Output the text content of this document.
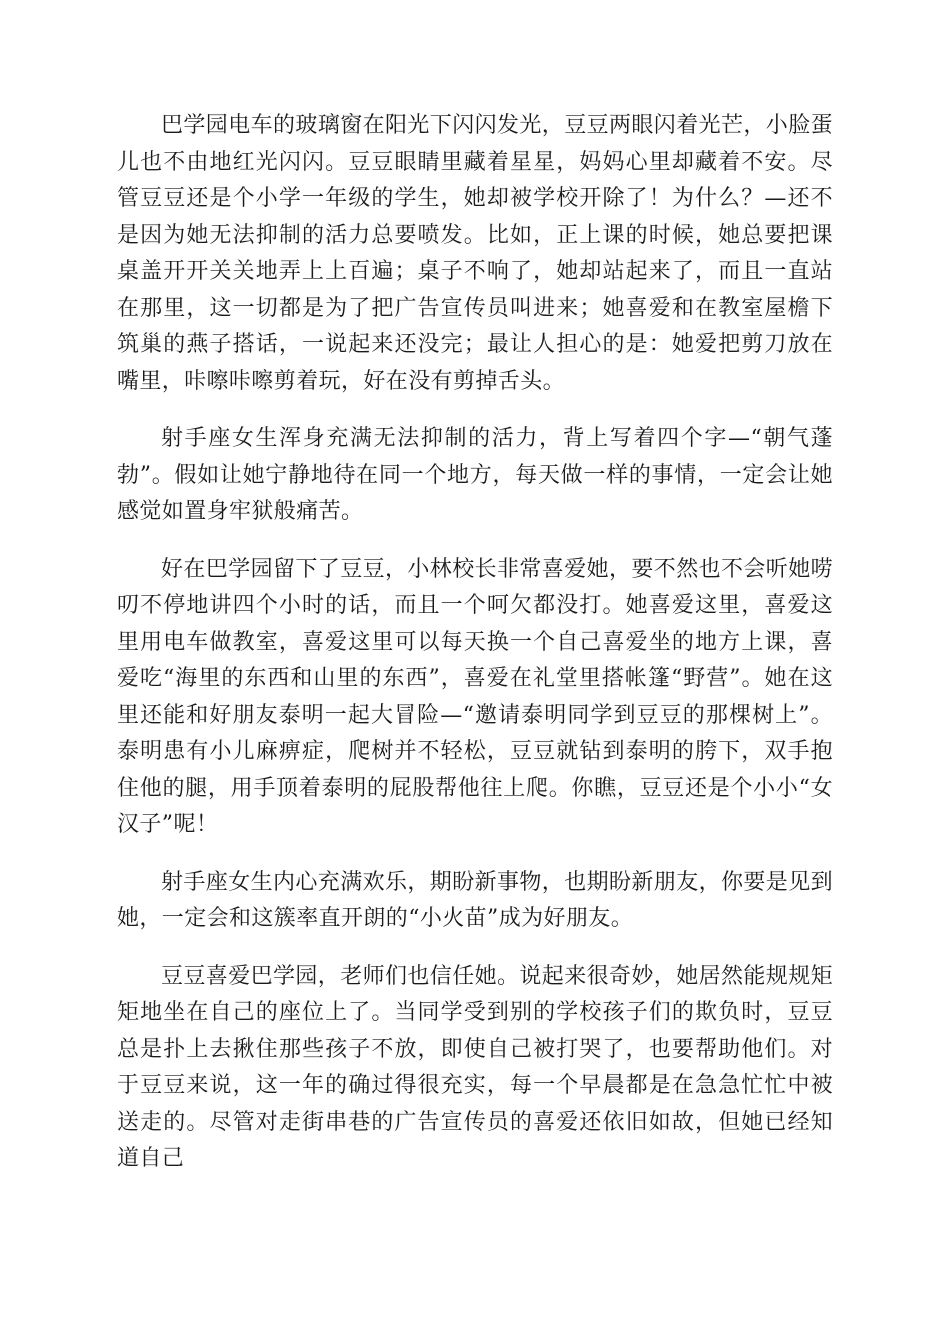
巴学园电车的玻璃窗在阳光下闪闪发光，豆豆两眼闪着光芒，小脸蛋儿也不由地红光闪闪。豆豆眼睛里藏着星星，妈妈心里却藏着不安。尽管豆豆还是个小学一年级的学生，她却被学校开除了！为什么？—还不是因为她无法抑制的活力总要喷发。比如，正上课的时候，她总要把课桌盖开开关关地弄上上百遍；桌子不响了，她却站起来了，而且一直站在那里，这一切都是为了把广告宣传员叫进来；她喜爱和在教室屋檐下筑巢的燕子搭话，一说起来还没完；最让人担心的是：她爱把剪刀放在嘴里，咔嚓咔嚓剪着玩，好在没有剪掉舌头。

射手座女生浑身充满无法抑制的活力，背上写着四个字—“朝气蓬勃”。假如让她宁静地待在同一个地方，每天做一样的事情，一定会让她感觉如置身牢狱般痛苦。

好在巴学园留下了豆豆，小林校长非常喜爱她，要不然也不会听她唠叨不停地讲四个小时的话，而且一个呵欠都没打。她喜爱这里，喜爱这里用电车做教室，喜爱这里可以每天换一个自己喜爱坐的地方上课，喜爱吃“海里的东西和山里的东西”，喜爱在礼堂里搭帐篷“野营”。她在这里还能和好朋友泰明一起大冒险—“邀请泰明同学到豆豆的那棵树上”。泰明患有小儿麻痹症，爬树并不轻松，豆豆就钻到泰明的胯下，双手抱住他的腿，用手顶着泰明的屁股帮他往上爬。你瞧，豆豆还是个小小“女汉子”呢！

射手座女生内心充满欢乐，期盼新事物，也期盼新朋友，你要是见到她，一定会和这簇率直开朗的“小火苗”成为好朋友。

豆豆喜爱巴学园，老师们也信任她。说起来很奇妙，她居然能规规矩矩地坐在自己的座位上了。当同学受到别的学校孩子们的欺负时，豆豆总是扑上去揪住那些孩子不放，即使自己被打哭了，也要帮助他们。对于豆豆来说，这一年的确过得很充实，每一个早晨都是在急急忙忙中被送走的。尽管对走街串巷的广告宣传员的喜爱还依旧如故，但她已经知道自己
